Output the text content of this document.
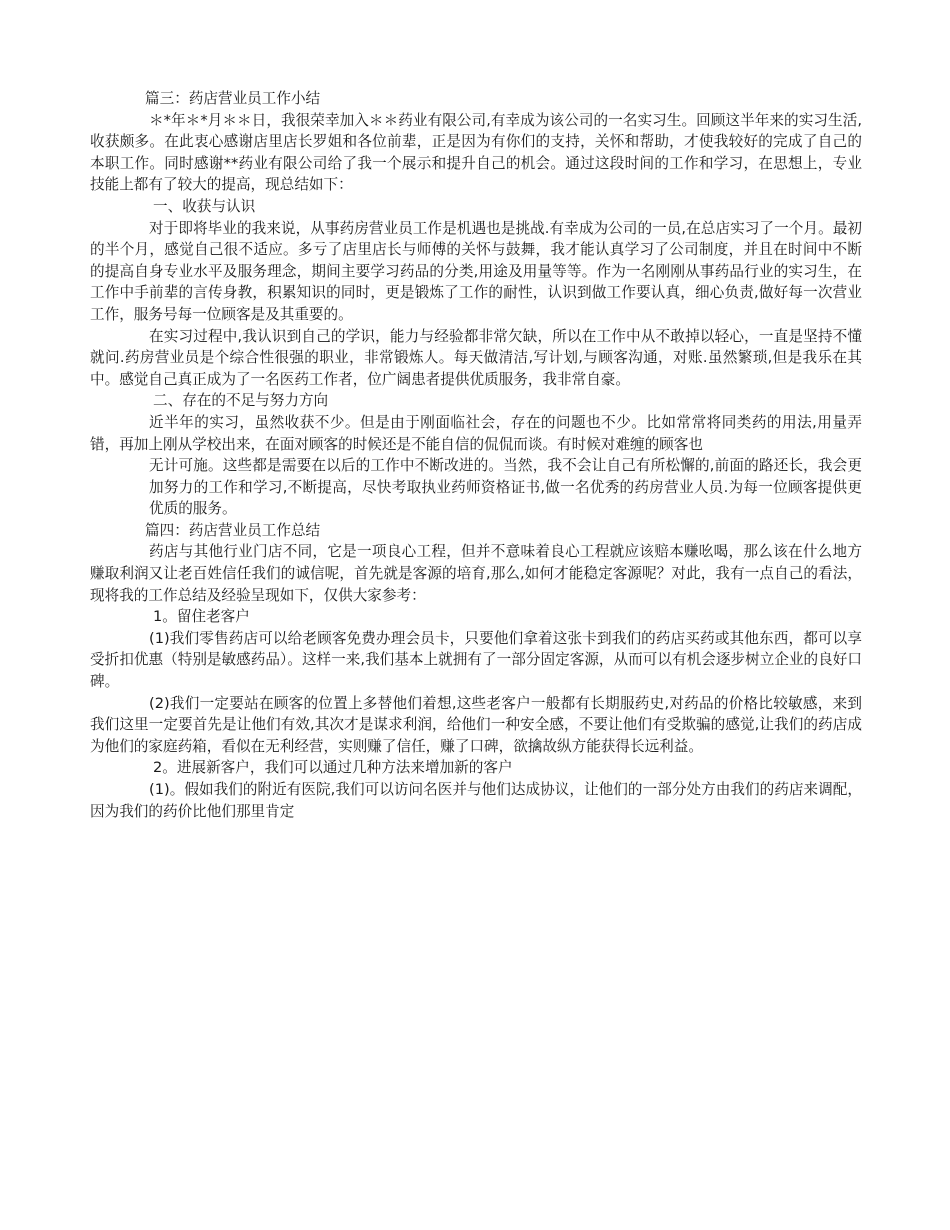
篇三：药店营业员工作小结

＊*年＊*月＊＊日，我很荣幸加入＊＊药业有限公司,有幸成为该公司的一名实习生。回顾这半年来的实习生活,收获颇多。在此衷心感谢店里店长罗姐和各位前辈，正是因为有你们的支持，关怀和帮助，才使我较好的完成了自己的本职工作。同时感谢**药业有限公司给了我一个展示和提升自己的机会。通过这段时间的工作和学习，在思想上，专业技能上都有了较大的提高，现总结如下：

一、收获与认识

对于即将毕业的我来说，从事药房营业员工作是机遇也是挑战.有幸成为公司的一员,在总店实习了一个月。最初的半个月，感觉自己很不适应。多亏了店里店长与师傅的关怀与鼓舞，我才能认真学习了公司制度，并且在时间中不断的提高自身专业水平及服务理念，期间主要学习药品的分类,用途及用量等等。作为一名刚刚从事药品行业的实习生，在工作中手前辈的言传身教，积累知识的同时，更是锻炼了工作的耐性，认识到做工作要认真，细心负责,做好每一次营业工作，服务号每一位顾客是及其重要的。

在实习过程中,我认识到自己的学识，能力与经验都非常欠缺，所以在工作中从不敢掉以轻心，一直是坚持不懂就问.药房营业员是个综合性很强的职业，非常锻炼人。每天做清洁,写计划,与顾客沟通，对账.虽然繁琐,但是我乐在其中。感觉自己真正成为了一名医药工作者，位广阔患者提供优质服务，我非常自豪。

二、存在的不足与努力方向

近半年的实习，虽然收获不少。但是由于刚面临社会，存在的问题也不少。比如常常将同类药的用法,用量弄错，再加上刚从学校出来，在面对顾客的时候还是不能自信的侃侃而谈。有时候对难缠的顾客也

无计可施。这些都是需要在以后的工作中不断改进的。当然，我不会让自己有所松懈的,前面的路还长，我会更加努力的工作和学习,不断提高，尽快考取执业药师资格证书,做一名优秀的药房营业人员.为每一位顾客提供更优质的服务。

篇四：药店营业员工作总结

药店与其他行业门店不同，它是一项良心工程，但并不意味着良心工程就应该赔本赚吆喝，那么该在什么地方赚取利润又让老百姓信任我们的诚信呢，首先就是客源的培育,那么,如何才能稳定客源呢？对此，我有一点自己的看法，现将我的工作总结及经验呈现如下，仅供大家参考：

1。留住老客户

(1)我们零售药店可以给老顾客免费办理会员卡，只要他们拿着这张卡到我们的药店买药或其他东西，都可以享受折扣优惠（特别是敏感药品）。这样一来,我们基本上就拥有了一部分固定客源，从而可以有机会逐步树立企业的良好口碑。

(2)我们一定要站在顾客的位置上多替他们着想,这些老客户一般都有长期服药史,对药品的价格比较敏感，来到我们这里一定要首先是让他们有效,其次才是谋求利润，给他们一种安全感，不要让他们有受欺骗的感觉,让我们的药店成为他们的家庭药箱，看似在无利经营，实则赚了信任，赚了口碑，欲擒故纵方能获得长远利益。

2。进展新客户，我们可以通过几种方法来增加新的客户

(1)。假如我们的附近有医院,我们可以访问名医并与他们达成协议，让他们的一部分处方由我们的药店来调配，因为我们的药价比他们那里肯定
